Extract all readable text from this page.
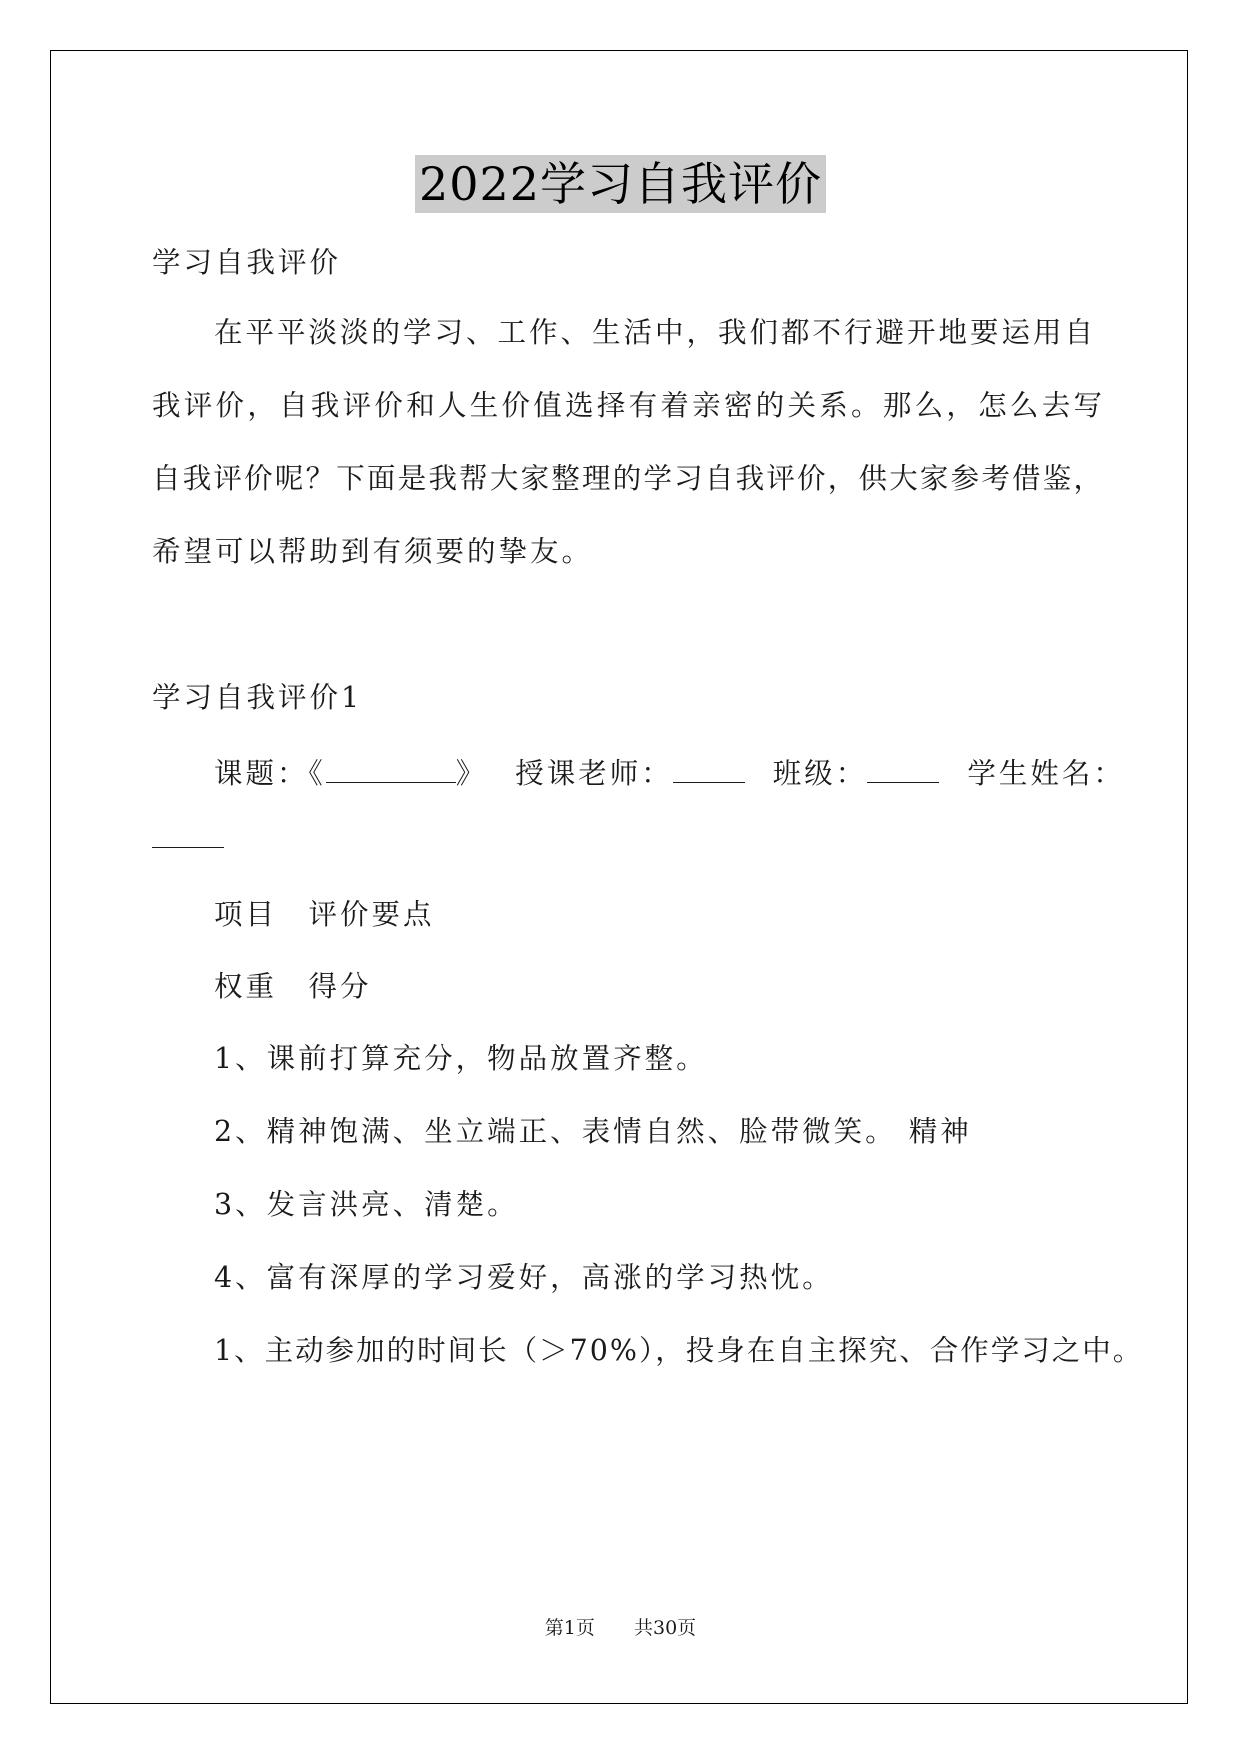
2022学习自我评价
学习自我评价
在平平淡淡的学习、工作、生活中，我们都不行避开地要运用自
我评价，自我评价和人生价值选择有着亲密的关系。那么，怎么去写
自我评价呢？下面是我帮大家整理的学习自我评价，供大家参考借鉴，
希望可以帮助到有须要的挚友。
学习自我评价1
课题：《	》 授课老师：	班级：	学生姓名：
项目　评价要点
权重　得分
1、课前打算充分，物品放置齐整。
2、精神饱满、坐立端正、表情自然、脸带微笑。 精神
3、发言洪亮、清楚。
4、富有深厚的学习爱好，高涨的学习热忱。
1、主动参加的时间长（＞70%），投身在自主探究、合作学习之中。
第1页 　 共30页
